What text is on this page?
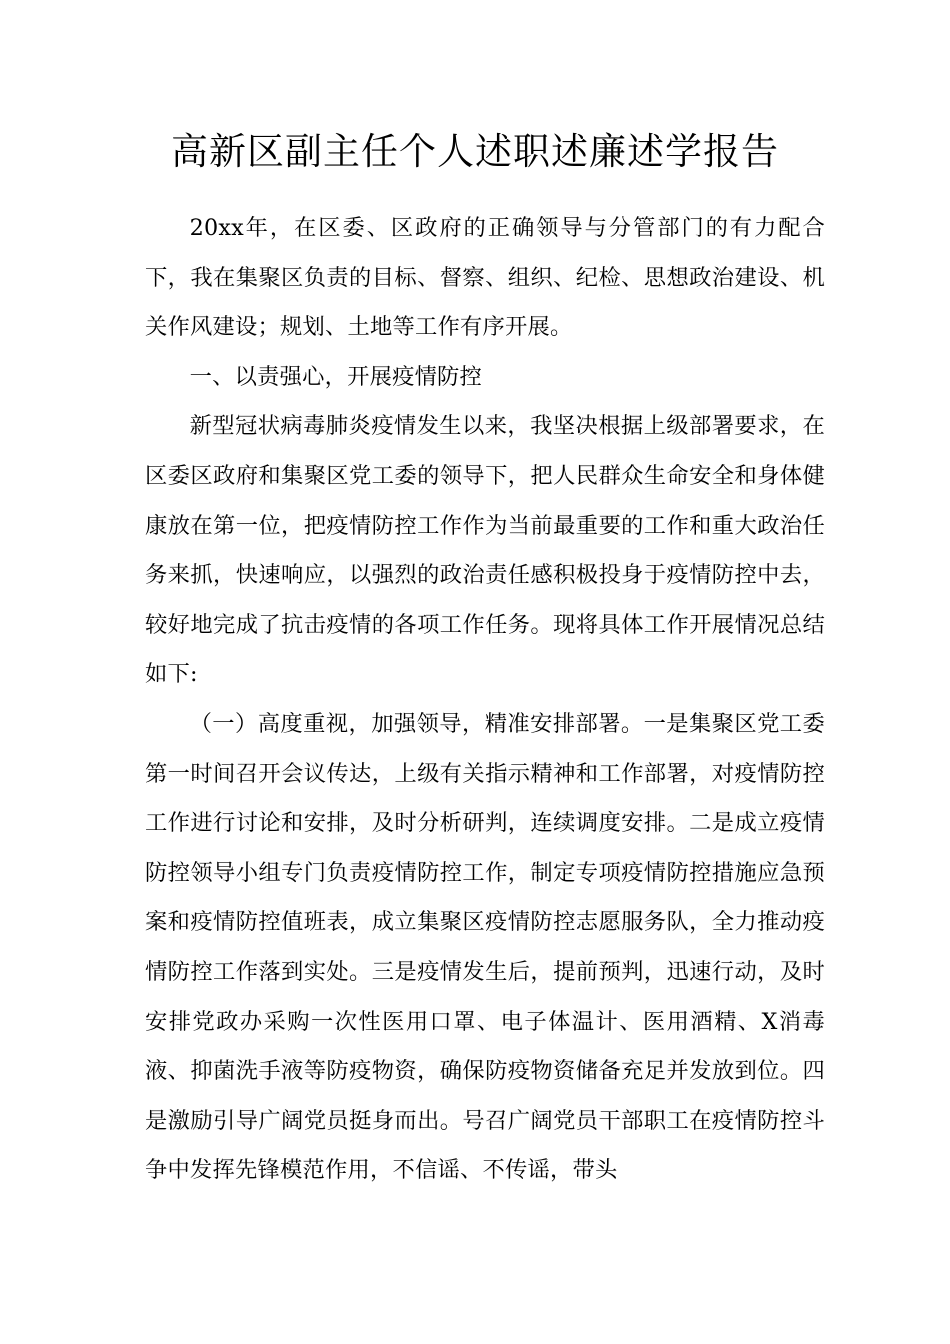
高新区副主任个人述职述廉述学报告

20xx年，在区委、区政府的正确领导与分管部门的有力配合下，我在集聚区负责的目标、督察、组织、纪检、思想政治建设、机关作风建设；规划、土地等工作有序开展。

一、以责强心，开展疫情防控

新型冠状病毒肺炎疫情发生以来，我坚决根据上级部署要求，在区委区政府和集聚区党工委的领导下，把人民群众生命安全和身体健康放在第一位，把疫情防控工作作为当前最重要的工作和重大政治任务来抓，快速响应，以强烈的政治责任感积极投身于疫情防控中去，较好地完成了抗击疫情的各项工作任务。现将具体工作开展情况总结如下:

（一）高度重视，加强领导，精准安排部署。一是集聚区党工委第一时间召开会议传达，上级有关指示精神和工作部署，对疫情防控工作进行讨论和安排，及时分析研判，连续调度安排。二是成立疫情防控领导小组专门负责疫情防控工作，制定专项疫情防控措施应急预案和疫情防控值班表，成立集聚区疫情防控志愿服务队，全力推动疫情防控工作落到实处。三是疫情发生后，提前预判，迅速行动，及时安排党政办采购一次性医用口罩、电子体温计、医用酒精、X消毒液、抑菌洗手液等防疫物资，确保防疫物资储备充足并发放到位。四是激励引导广阔党员挺身而出。号召广阔党员干部职工在疫情防控斗争中发挥先锋模范作用，不信谣、不传谣，带头
